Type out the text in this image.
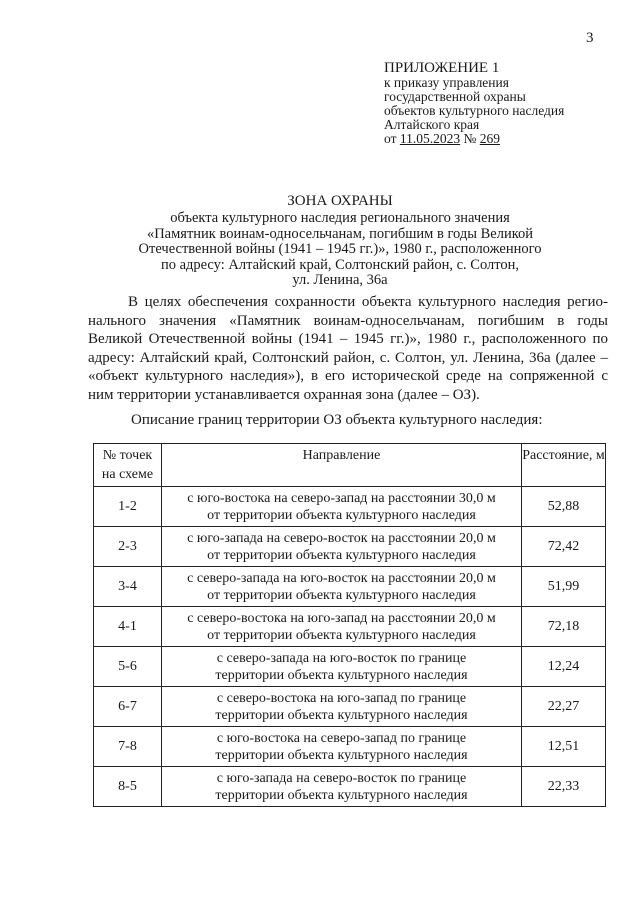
3
ПРИЛОЖЕНИЕ 1
к приказу управления
государственной охраны
объектов культурного наследия
Алтайского края
от 11.05.2023 № 269
ЗОНА ОХРАНЫ
объекта культурного наследия регионального значения
«Памятник воинам-односельчанам, погибшим в годы Великой
Отечественной войны (1941 – 1945 гг.)», 1980 г., расположенного
по адресу: Алтайский край, Солтонский район, с. Солтон,
ул. Ленина, 36а
В целях обеспечения сохранности объекта культурного наследия регио-
нального значения «Памятник воинам-односельчанам, погибшим в годы
Великой Отечественной войны (1941 – 1945 гг.)», 1980 г., расположенного по
адресу: Алтайский край, Солтонский район, с. Солтон, ул. Ленина, 36а (далее –
«объект культурного наследия»), в его исторической среде на сопряженной с
ним территории устанавливается охранная зона (далее – ОЗ).
Описание границ территории ОЗ объекта культурного наследия:
№ точек
на схеме	Направление	Расстояние, м
1-2	с юго-востока на северо-запад на расстоянии 30,0 м
от территории объекта культурного наследия	52,88
2-3	с юго-запада на северо-восток на расстоянии 20,0 м
от территории объекта культурного наследия	72,42
3-4	с северо-запада на юго-восток на расстоянии 20,0 м
от территории объекта культурного наследия	51,99
4-1	с северо-востока на юго-запад на расстоянии 20,0 м
от территории объекта культурного наследия	72,18
5-6	с северо-запада на юго-восток по границе
территории объекта культурного наследия	12,24
6-7	с северо-востока на юго-запад по границе
территории объекта культурного наследия	22,27
7-8	с юго-востока на северо-запад по границе
территории объекта культурного наследия	12,51
8-5	с юго-запада на северо-восток по границе
территории объекта культурного наследия	22,33
